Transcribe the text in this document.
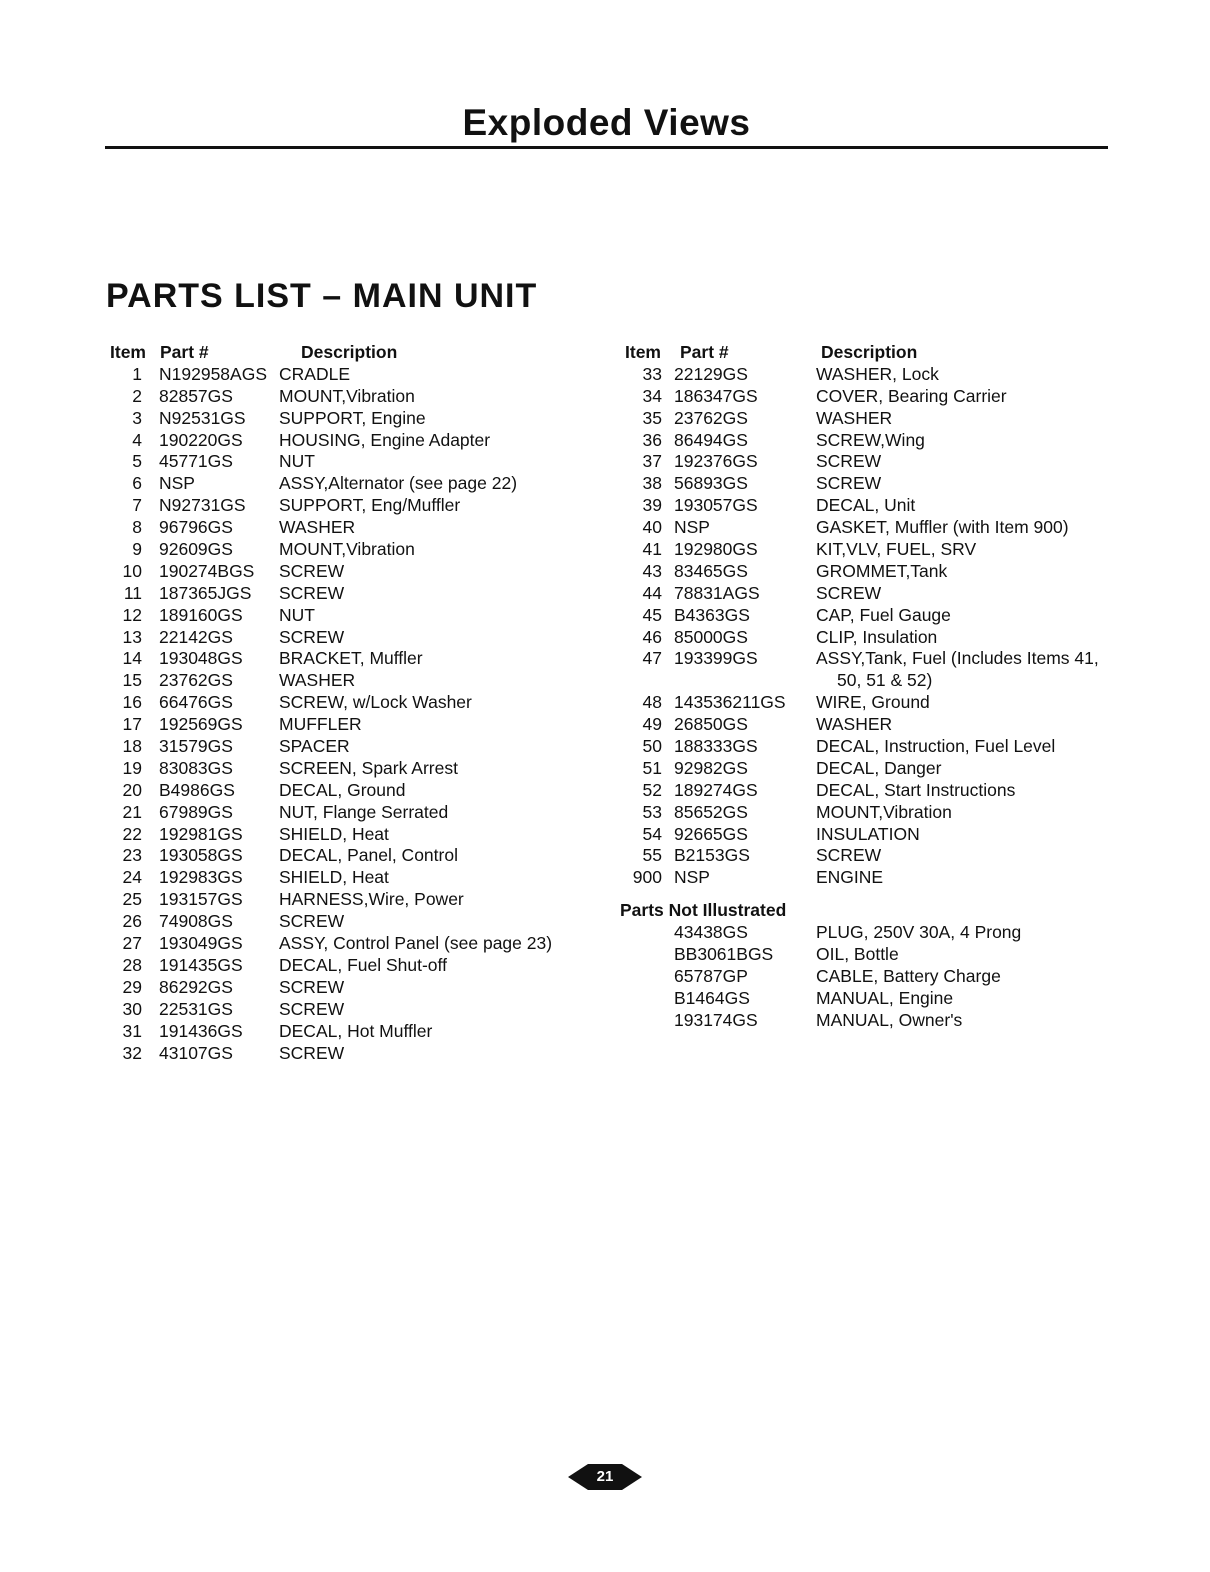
Exploded Views
PARTS LIST – MAIN UNIT
Item Part #	Description
1 N192958AGS CRADLE
2 82857GS	MOUNT,Vibration
3 N92531GS	SUPPORT, Engine
4 190220GS	HOUSING, Engine Adapter
5 45771GS	NUT
6 NSP	ASSY,Alternator (see page 22)
7 N92731GS	SUPPORT, Eng/Muffler
8 96796GS	WASHER
9 92609GS	MOUNT,Vibration
10 190274BGS	SCREW
11 187365JGS	SCREW
12 189160GS	NUT
13 22142GS	SCREW
14 193048GS	BRACKET, Muffler
15 23762GS	WASHER
16 66476GS	SCREW, w/Lock Washer
17 192569GS	MUFFLER
18 31579GS	SPACER
19 83083GS	SCREEN, Spark Arrest
20 B4986GS	DECAL, Ground
21 67989GS	NUT, Flange Serrated
22 192981GS	SHIELD, Heat
23 193058GS	DECAL, Panel, Control
24 192983GS	SHIELD, Heat
25 193157GS	HARNESS,Wire, Power
26 74908GS	SCREW
27 193049GS	ASSY, Control Panel (see page 23)
28 191435GS	DECAL, Fuel Shut-off
29 86292GS	SCREW
30 22531GS	SCREW
31 191436GS	DECAL, Hot Muffler
32 43107GS	SCREW
Item	Part #	Description
33 22129GS	WASHER, Lock
34 186347GS	COVER, Bearing Carrier
35 23762GS	WASHER
36 86494GS	SCREW,Wing
37 192376GS	SCREW
38 56893GS	SCREW
39 193057GS	DECAL, Unit
40 NSP	GASKET, Muffler (with Item 900)
41 192980GS	KIT,VLV, FUEL, SRV
43 83465GS	GROMMET,Tank
44 78831AGS	SCREW
45 B4363GS	CAP, Fuel Gauge
46 85000GS	CLIP, Insulation
47 193399GS	ASSY,Tank, Fuel (Includes Items 41,
50, 51 & 52)
48 143536211GS	WIRE, Ground
49 26850GS	WASHER
50 188333GS	DECAL, Instruction, Fuel Level
51 92982GS	DECAL, Danger
52 189274GS	DECAL, Start Instructions
53 85652GS	MOUNT,Vibration
54 92665GS	INSULATION
55 B2153GS	SCREW
900 NSP	ENGINE
Parts Not Illustrated
43438GS	PLUG, 250V 30A, 4 Prong
BB3061BGS	OIL, Bottle
65787GP	CABLE, Battery Charge
B1464GS	MANUAL, Engine
193174GS	MANUAL, Owner's
21
